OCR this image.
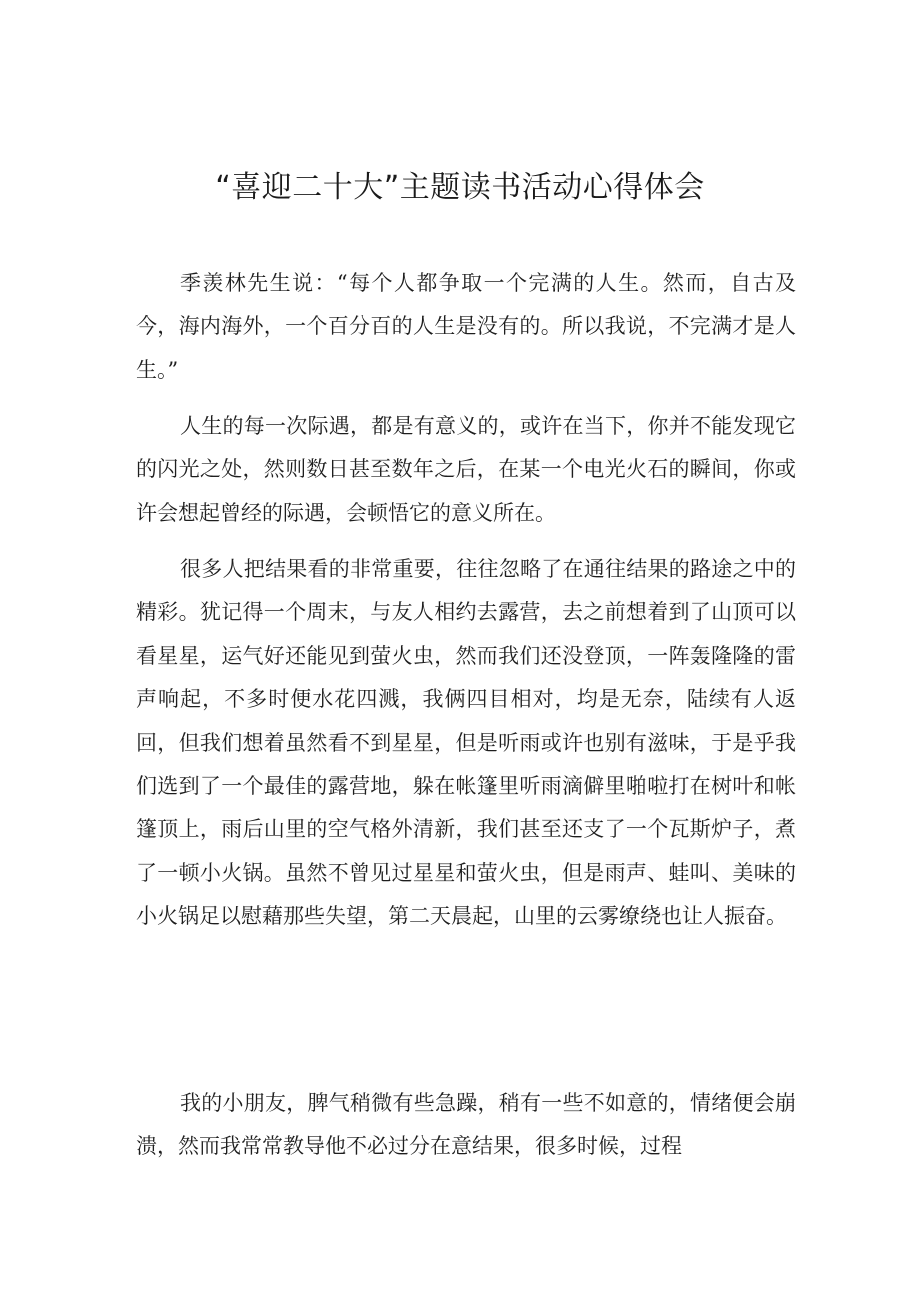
“喜迎二十大”主题读书活动心得体会

季羡林先生说：“每个人都争取一个完满的人生。然而，自古及今，海内海外，一个百分百的人生是没有的。所以我说，不完满才是人生。”

人生的每一次际遇，都是有意义的，或许在当下，你并不能发现它的闪光之处，然则数日甚至数年之后，在某一个电光火石的瞬间，你或许会想起曾经的际遇，会顿悟它的意义所在。

很多人把结果看的非常重要，往往忽略了在通往结果的路途之中的精彩。犹记得一个周末，与友人相约去露营，去之前想着到了山顶可以看星星，运气好还能见到萤火虫，然而我们还没登顶，一阵轰隆隆的雷声响起，不多时便水花四溅，我俩四目相对，均是无奈，陆续有人返回，但我们想着虽然看不到星星，但是听雨或许也别有滋味，于是乎我们选到了一个最佳的露营地，躲在帐篷里听雨滴僻里啪啦打在树叶和帐篷顶上，雨后山里的空气格外清新，我们甚至还支了一个瓦斯炉子，煮了一顿小火锅。虽然不曾见过星星和萤火虫，但是雨声、蛙叫、美味的小火锅足以慰藉那些失望，第二天晨起，山里的云雾缭绕也让人振奋。

我的小朋友，脾气稍微有些急躁，稍有一些不如意的，情绪便会崩溃，然而我常常教导他不必过分在意结果，很多时候，过程
